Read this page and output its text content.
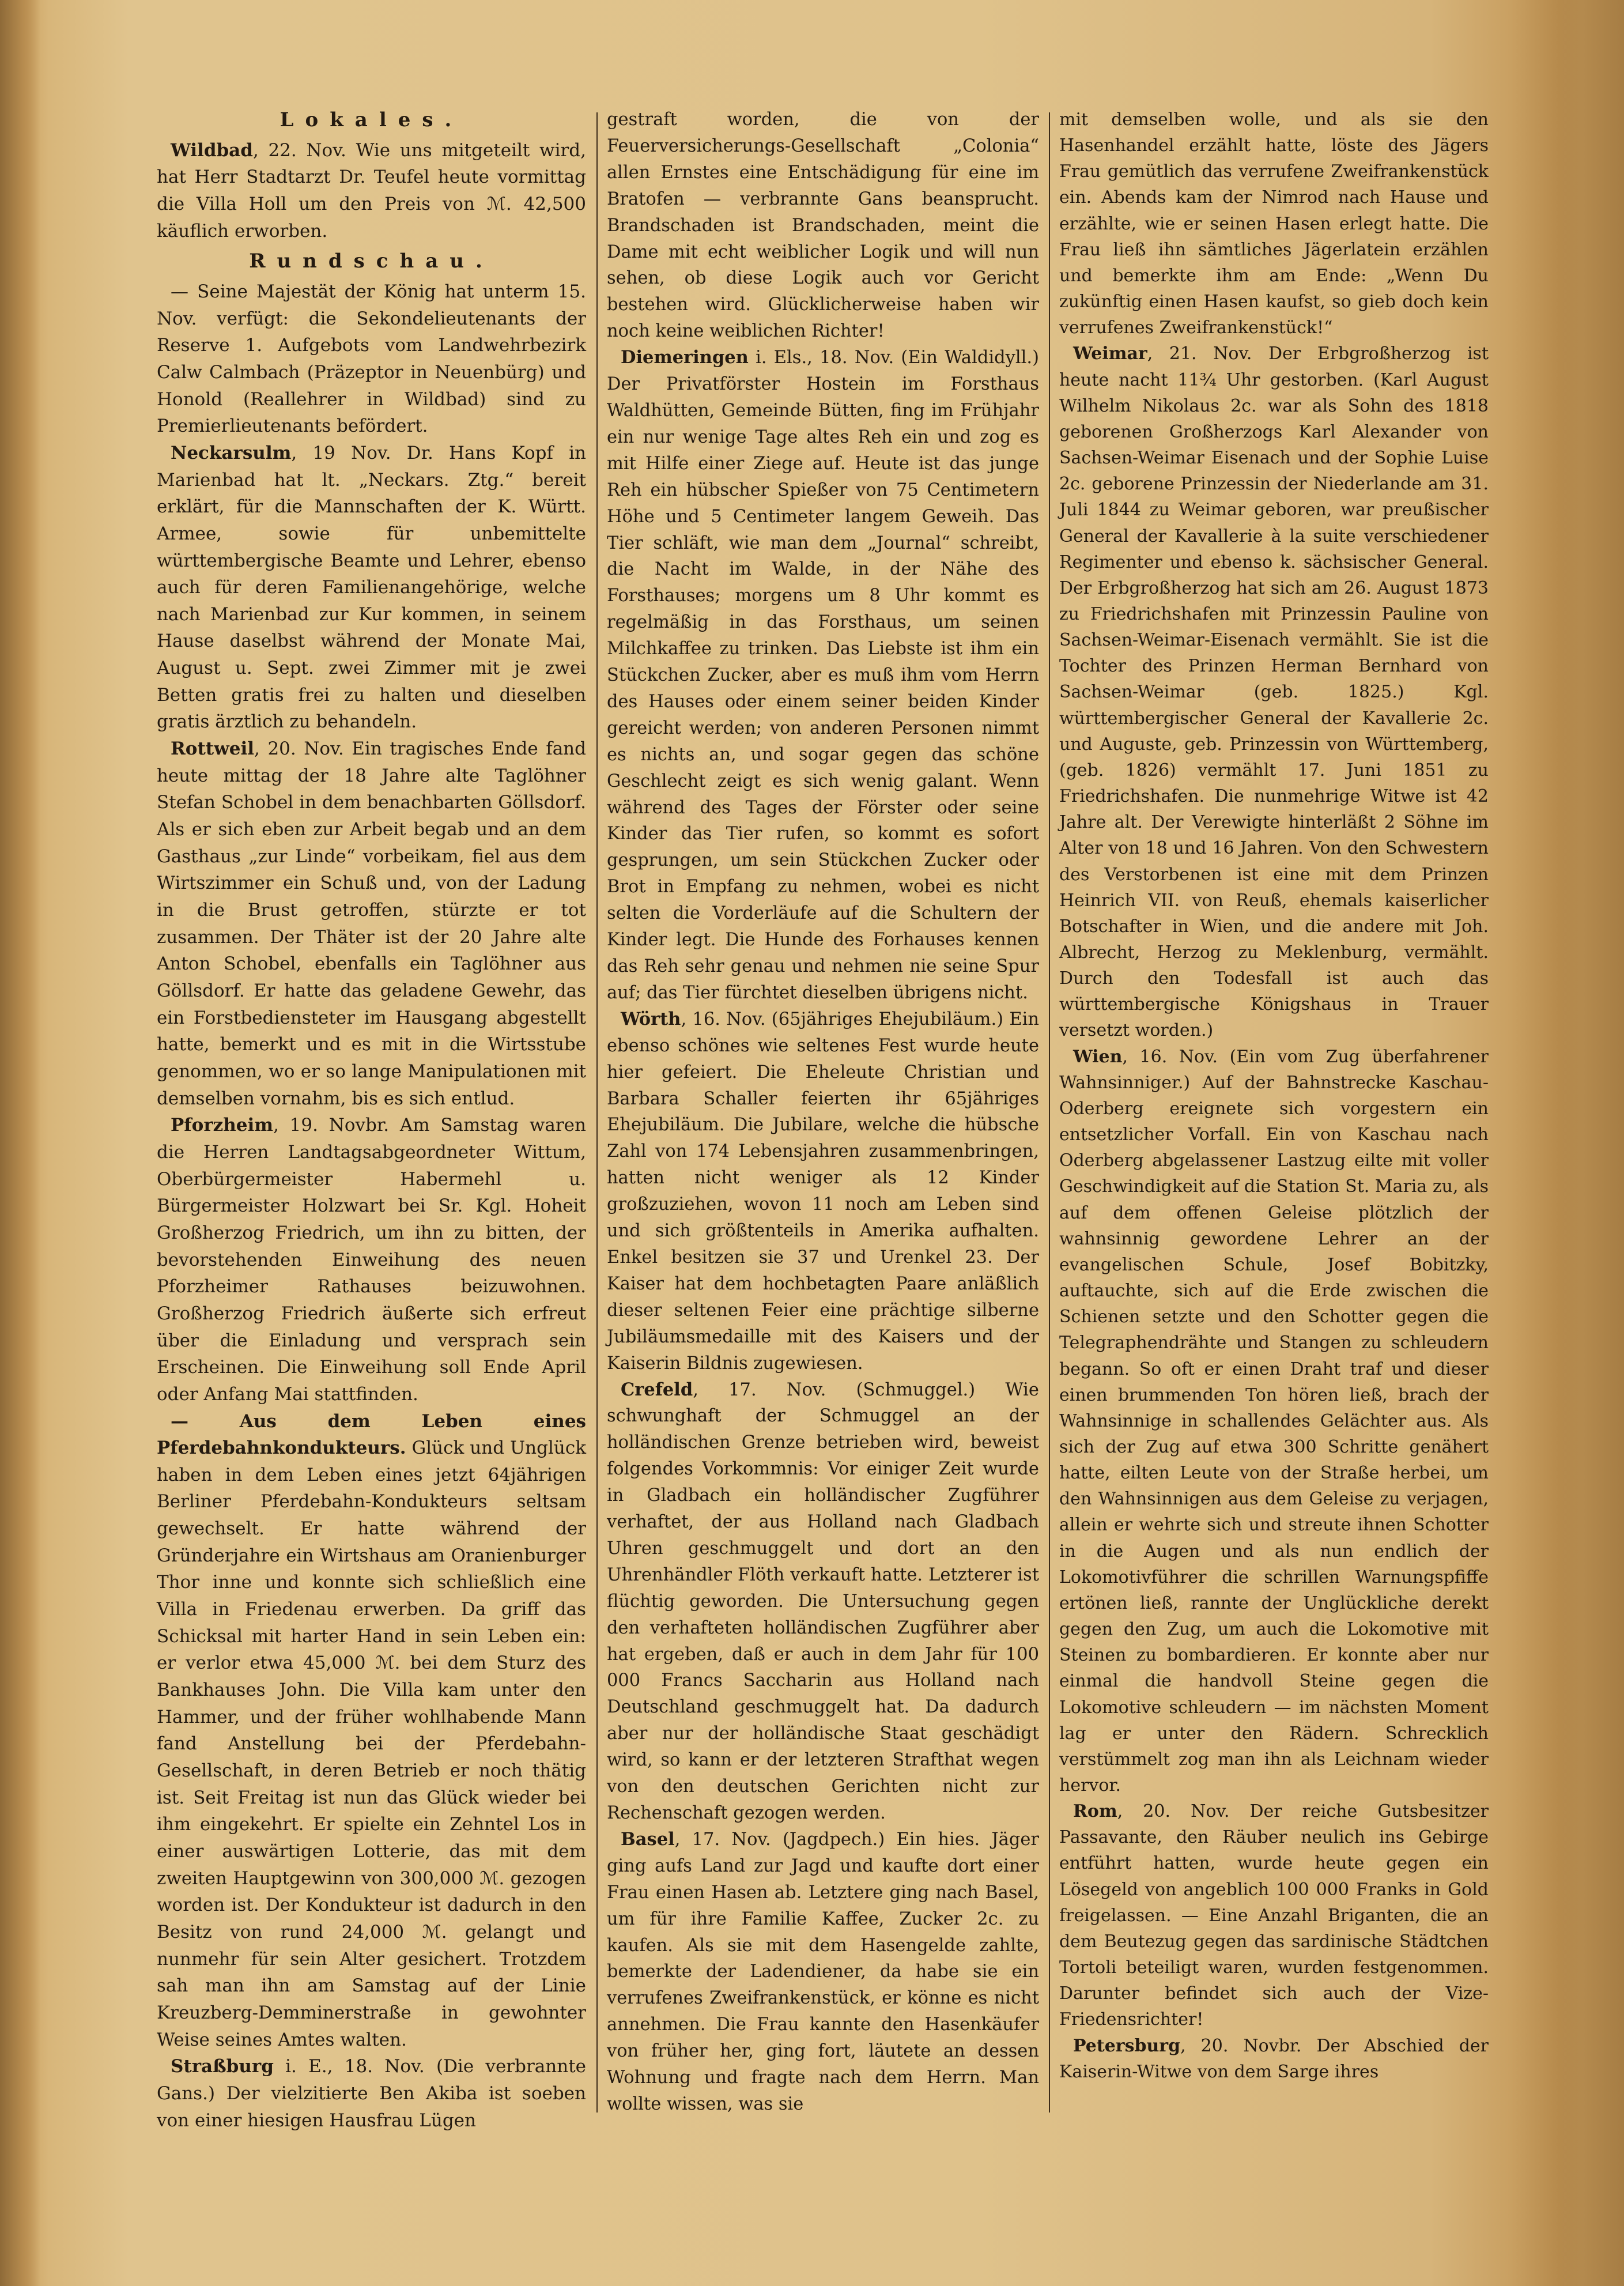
Lokales.

Wildbad, 22. Nov. Wie uns mitgeteilt wird, hat Herr Stadtarzt Dr. Teufel heute vormittag die Villa Holl um den Preis von ℳ. 42,500 käuflich erworben.

Rundschau.

— Seine Majestät der König hat unterm 15. Nov. verfügt: die Sekondelieutenants der Reserve 1. Aufgebots vom Landwehrbezirk Calw Calmbach (Präzeptor in Neuenbürg) und Honold (Reallehrer in Wildbad) sind zu Premierlieutenants befördert.

Neckarsulm, 19 Nov. Dr. Hans Kopf in Marienbad hat lt. „Neckars. Ztg.“ bereit erklärt, für die Mannschaften der K. Württ. Armee, sowie für unbemittelte württembergische Beamte und Lehrer, ebenso auch für deren Familienangehörige, welche nach Marienbad zur Kur kommen, in seinem Hause daselbst während der Monate Mai, August u. Sept. zwei Zimmer mit je zwei Betten gratis frei zu halten und dieselben gratis ärztlich zu behandeln.

Rottweil, 20. Nov. Ein tragisches Ende fand heute mittag der 18 Jahre alte Taglöhner Stefan Schobel in dem benachbarten Göllsdorf. Als er sich eben zur Arbeit begab und an dem Gasthaus „zur Linde“ vorbeikam, fiel aus dem Wirtszimmer ein Schuß und, von der Ladung in die Brust getroffen, stürzte er tot zusammen. Der Thäter ist der 20 Jahre alte Anton Schobel, ebenfalls ein Taglöhner aus Göllsdorf. Er hatte das geladene Gewehr, das ein Forstbediensteter im Hausgang abgestellt hatte, bemerkt und es mit in die Wirtsstube genommen, wo er so lange Manipulationen mit demselben vornahm, bis es sich entlud.

Pforzheim, 19. Novbr. Am Samstag waren die Herren Landtagsabgeordneter Wittum, Oberbürgermeister Habermehl u. Bürgermeister Holzwart bei Sr. Kgl. Hoheit Großherzog Friedrich, um ihn zu bitten, der bevorstehenden Einweihung des neuen Pforzheimer Rathauses beizuwohnen. Großherzog Friedrich äußerte sich erfreut über die Einladung und versprach sein Erscheinen. Die Einweihung soll Ende April oder Anfang Mai stattfinden.

— Aus dem Leben eines Pferdebahnkondukteurs. Glück und Unglück haben in dem Leben eines jetzt 64jährigen Berliner Pferdebahn-Kondukteurs seltsam gewechselt. Er hatte während der Gründerjahre ein Wirtshaus am Oranienburger Thor inne und konnte sich schließlich eine Villa in Friedenau erwerben. Da griff das Schicksal mit harter Hand in sein Leben ein: er verlor etwa 45,000 ℳ. bei dem Sturz des Bankhauses John. Die Villa kam unter den Hammer, und der früher wohlhabende Mann fand Anstellung bei der Pferdebahn-Gesellschaft, in deren Betrieb er noch thätig ist. Seit Freitag ist nun das Glück wieder bei ihm eingekehrt. Er spielte ein Zehntel Los in einer auswärtigen Lotterie, das mit dem zweiten Hauptgewinn von 300,000 ℳ. gezogen worden ist. Der Kondukteur ist dadurch in den Besitz von rund 24,000 ℳ. gelangt und nunmehr für sein Alter gesichert. Trotzdem sah man ihn am Samstag auf der Linie Kreuzberg-Demminerstraße in gewohnter Weise seines Amtes walten.

Straßburg i. E., 18. Nov. (Die verbrannte Gans.) Der vielzitierte Ben Akiba ist soeben von einer hiesigen Hausfrau Lügen

gestraft worden, die von der Feuerversicherungs-Gesellschaft „Colonia“ allen Ernstes eine Entschädigung für eine im Bratofen — verbrannte Gans beansprucht. Brandschaden ist Brandschaden, meint die Dame mit echt weiblicher Logik und will nun sehen, ob diese Logik auch vor Gericht bestehen wird. Glücklicherweise haben wir noch keine weiblichen Richter!

Diemeringen i. Els., 18. Nov. (Ein Waldidyll.) Der Privatförster Hostein im Forsthaus Waldhütten, Gemeinde Bütten, fing im Frühjahr ein nur wenige Tage altes Reh ein und zog es mit Hilfe einer Ziege auf. Heute ist das junge Reh ein hübscher Spießer von 75 Centimetern Höhe und 5 Centimeter langem Geweih. Das Tier schläft, wie man dem „Journal“ schreibt, die Nacht im Walde, in der Nähe des Forsthauses; morgens um 8 Uhr kommt es regelmäßig in das Forsthaus, um seinen Milchkaffee zu trinken. Das Liebste ist ihm ein Stückchen Zucker, aber es muß ihm vom Herrn des Hauses oder einem seiner beiden Kinder gereicht werden; von anderen Personen nimmt es nichts an, und sogar gegen das schöne Geschlecht zeigt es sich wenig galant. Wenn während des Tages der Förster oder seine Kinder das Tier rufen, so kommt es sofort gesprungen, um sein Stückchen Zucker oder Brot in Empfang zu nehmen, wobei es nicht selten die Vorderläufe auf die Schultern der Kinder legt. Die Hunde des Forhauses kennen das Reh sehr genau und nehmen nie seine Spur auf; das Tier fürchtet dieselben übrigens nicht.

Wörth, 16. Nov. (65jähriges Ehejubiläum.) Ein ebenso schönes wie seltenes Fest wurde heute hier gefeiert. Die Eheleute Christian und Barbara Schaller feierten ihr 65jähriges Ehejubiläum. Die Jubilare, welche die hübsche Zahl von 174 Lebensjahren zusammenbringen, hatten nicht weniger als 12 Kinder großzuziehen, wovon 11 noch am Leben sind und sich größtenteils in Amerika aufhalten. Enkel besitzen sie 37 und Urenkel 23. Der Kaiser hat dem hochbetagten Paare anläßlich dieser seltenen Feier eine prächtige silberne Jubiläumsmedaille mit des Kaisers und der Kaiserin Bildnis zugewiesen.

Crefeld, 17. Nov. (Schmuggel.) Wie schwunghaft der Schmuggel an der holländischen Grenze betrieben wird, beweist folgendes Vorkommnis: Vor einiger Zeit wurde in Gladbach ein holländischer Zugführer verhaftet, der aus Holland nach Gladbach Uhren geschmuggelt und dort an den Uhrenhändler Flöth verkauft hatte. Letzterer ist flüchtig geworden. Die Untersuchung gegen den verhafteten holländischen Zugführer aber hat ergeben, daß er auch in dem Jahr für 100 000 Francs Saccharin aus Holland nach Deutschland geschmuggelt hat. Da dadurch aber nur der holländische Staat geschädigt wird, so kann er der letzteren Strafthat wegen von den deutschen Gerichten nicht zur Rechenschaft gezogen werden.

Basel, 17. Nov. (Jagdpech.) Ein hies. Jäger ging aufs Land zur Jagd und kaufte dort einer Frau einen Hasen ab. Letztere ging nach Basel, um für ihre Familie Kaffee, Zucker 2c. zu kaufen. Als sie mit dem Hasengelde zahlte, bemerkte der Ladendiener, da habe sie ein verrufenes Zweifrankenstück, er könne es nicht annehmen. Die Frau kannte den Hasenkäufer von früher her, ging fort, läutete an dessen Wohnung und fragte nach dem Herrn. Man wollte wissen, was sie

mit demselben wolle, und als sie den Hasenhandel erzählt hatte, löste des Jägers Frau gemütlich das verrufene Zweifrankenstück ein. Abends kam der Nimrod nach Hause und erzählte, wie er seinen Hasen erlegt hatte. Die Frau ließ ihn sämtliches Jägerlatein erzählen und bemerkte ihm am Ende: „Wenn Du zukünftig einen Hasen kaufst, so gieb doch kein verrufenes Zweifrankenstück!“

Weimar, 21. Nov. Der Erbgroßherzog ist heute nacht 11¾ Uhr gestorben. (Karl August Wilhelm Nikolaus 2c. war als Sohn des 1818 geborenen Großherzogs Karl Alexander von Sachsen-Weimar Eisenach und der Sophie Luise 2c. geborene Prinzessin der Niederlande am 31. Juli 1844 zu Weimar geboren, war preußischer General der Kavallerie à la suite verschiedener Regimenter und ebenso k. sächsischer General. Der Erbgroßherzog hat sich am 26. August 1873 zu Friedrichshafen mit Prinzessin Pauline von Sachsen-Weimar-Eisenach vermählt. Sie ist die Tochter des Prinzen Herman Bernhard von Sachsen-Weimar (geb. 1825.) Kgl. württembergischer General der Kavallerie 2c. und Auguste, geb. Prinzessin von Württemberg, (geb. 1826) vermählt 17. Juni 1851 zu Friedrichshafen. Die nunmehrige Witwe ist 42 Jahre alt. Der Verewigte hinterläßt 2 Söhne im Alter von 18 und 16 Jahren. Von den Schwestern des Verstorbenen ist eine mit dem Prinzen Heinrich VII. von Reuß, ehemals kaiserlicher Botschafter in Wien, und die andere mit Joh. Albrecht, Herzog zu Meklenburg, vermählt. Durch den Todesfall ist auch das württembergische Königshaus in Trauer versetzt worden.)

Wien, 16. Nov. (Ein vom Zug überfahrener Wahnsinniger.) Auf der Bahnstrecke Kaschau-Oderberg ereignete sich vorgestern ein entsetzlicher Vorfall. Ein von Kaschau nach Oderberg abgelassener Lastzug eilte mit voller Geschwindigkeit auf die Station St. Maria zu, als auf dem offenen Geleise plötzlich der wahnsinnig gewordene Lehrer an der evangelischen Schule, Josef Bobitzky, auftauchte, sich auf die Erde zwischen die Schienen setzte und den Schotter gegen die Telegraphendrähte und Stangen zu schleudern begann. So oft er einen Draht traf und dieser einen brummenden Ton hören ließ, brach der Wahnsinnige in schallendes Gelächter aus. Als sich der Zug auf etwa 300 Schritte genähert hatte, eilten Leute von der Straße herbei, um den Wahnsinnigen aus dem Geleise zu verjagen, allein er wehrte sich und streute ihnen Schotter in die Augen und als nun endlich der Lokomotivführer die schrillen Warnungspfiffe ertönen ließ, rannte der Unglückliche derekt gegen den Zug, um auch die Lokomotive mit Steinen zu bombardieren. Er konnte aber nur einmal die handvoll Steine gegen die Lokomotive schleudern — im nächsten Moment lag er unter den Rädern. Schrecklich verstümmelt zog man ihn als Leichnam wieder hervor.

Rom, 20. Nov. Der reiche Gutsbesitzer Passavante, den Räuber neulich ins Gebirge entführt hatten, wurde heute gegen ein Lösegeld von angeblich 100 000 Franks in Gold freigelassen. — Eine Anzahl Briganten, die an dem Beutezug gegen das sardinische Städtchen Tortoli beteiligt waren, wurden festgenommen. Darunter befindet sich auch der Vize-Friedensrichter!

Petersburg, 20. Novbr. Der Abschied der Kaiserin-Witwe von dem Sarge ihres
